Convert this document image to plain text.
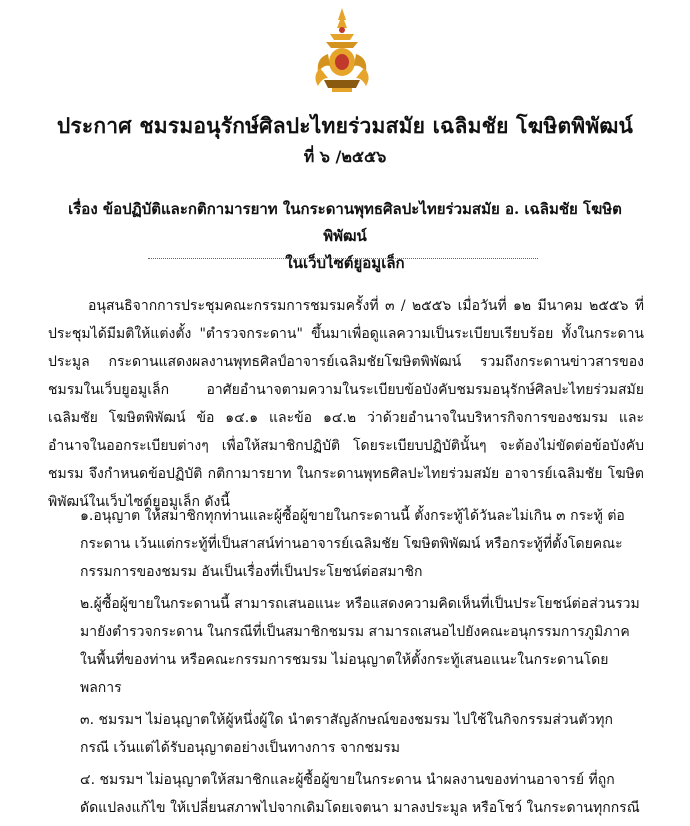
ประกาศ ชมรมอนุรักษ์ศิลปะไทยร่วมสมัย เฉลิมชัย โฆษิตพิพัฒน์
ที่ ๖ /๒๕๕๖
เรื่อง ข้อปฏิบัติและกติกามารยาท ในกระดานพุทธศิลปะไทยร่วมสมัย อ. เฉลิมชัย โฆษิตพิพัฒน์
ในเว็บไซต์ยูอมูเล็ก

อนุสนธิจากการประชุมคณะกรรมการชมรมครั้งที่ ๓ / ๒๕๕๖ เมื่อวันที่ ๑๒ มีนาคม ๒๕๕๖ ที่ประชุมได้มีมติให้แต่งตั้ง "ตำรวจกระดาน" ขึ้นมาเพื่อดูแลความเป็นระเบียบเรียบร้อย ทั้งในกระดานประมูล กระดานแสดงผลงานพุทธศิลป์อาจารย์เฉลิมชัยโฆษิตพิพัฒน์ รวมถึงกระดานข่าวสารของชมรมในเว็บยูอมูเล็ก อาศัยอำนาจตามความในระเบียบข้อบังคับชมรมอนุรักษ์ศิลปะไทยร่วมสมัย เฉลิมชัย โฆษิตพิพัฒน์ ข้อ ๑๔.๑ และข้อ ๑๔.๒ ว่าด้วยอำนาจในบริหารกิจการของชมรม และ อำนาจในออกระเบียบต่างๆ เพื่อให้สมาชิกปฏิบัติ โดยระเบียบปฏิบัตินั้นๆ จะต้องไม่ขัดต่อข้อบังคับชมรม จึงกำหนดข้อปฏิบัติ กติกามารยาท ในกระดานพุทธศิลปะไทยร่วมสมัย อาจารย์เฉลิมชัย โฆษิตพิพัฒน์ในเว็บไซต์ยูอมูเล็ก ดังนี้

๑.อนุญาต ให้สมาชิกทุกท่านและผู้ซื้อผู้ขายในกระดานนี้ ตั้งกระทู้ได้วันละไม่เกิน ๓ กระทู้ ต่อกระดาน เว้นแต่กระทู้ที่เป็นสาสน์ท่านอาจารย์เฉลิมชัย โฆษิตพิพัฒน์ หรือกระทู้ที่ตั้งโดยคณะกรรมการของชมรม อันเป็นเรื่องที่เป็นประโยชน์ต่อสมาชิก
๒.ผู้ซื้อผู้ขายในกระดานนี้ สามารถเสนอแนะ หรือแสดงความคิดเห็นที่เป็นประโยชน์ต่อส่วนรวมมายังตำรวจกระดาน ในกรณีที่เป็นสมาชิกชมรม สามารถเสนอไปยังคณะอนุกรรมการภูมิภาค ในพื้นที่ของท่าน หรือคณะกรรมการชมรม ไม่อนุญาตให้ตั้งกระทู้เสนอแนะในกระดานโดยพลการ
๓. ชมรมฯ ไม่อนุญาตให้ผู้หนึ่งผู้ใด นำตราสัญลักษณ์ของชมรม ไปใช้ในกิจกรรมส่วนตัวทุกกรณี เว้นแต่ได้รับอนุญาตอย่างเป็นทางการ จากชมรม
๔. ชมรมฯ ไม่อนุญาตให้สมาชิกและผู้ซื้อผู้ขายในกระดาน นำผลงานของท่านอาจารย์ ที่ถูกดัดแปลงแก้ไข ให้เปลี่ยนสภาพไปจากเดิมโดยเจตนา มาลงประมูล หรือโชว์ ในกระดานทุกกรณี
